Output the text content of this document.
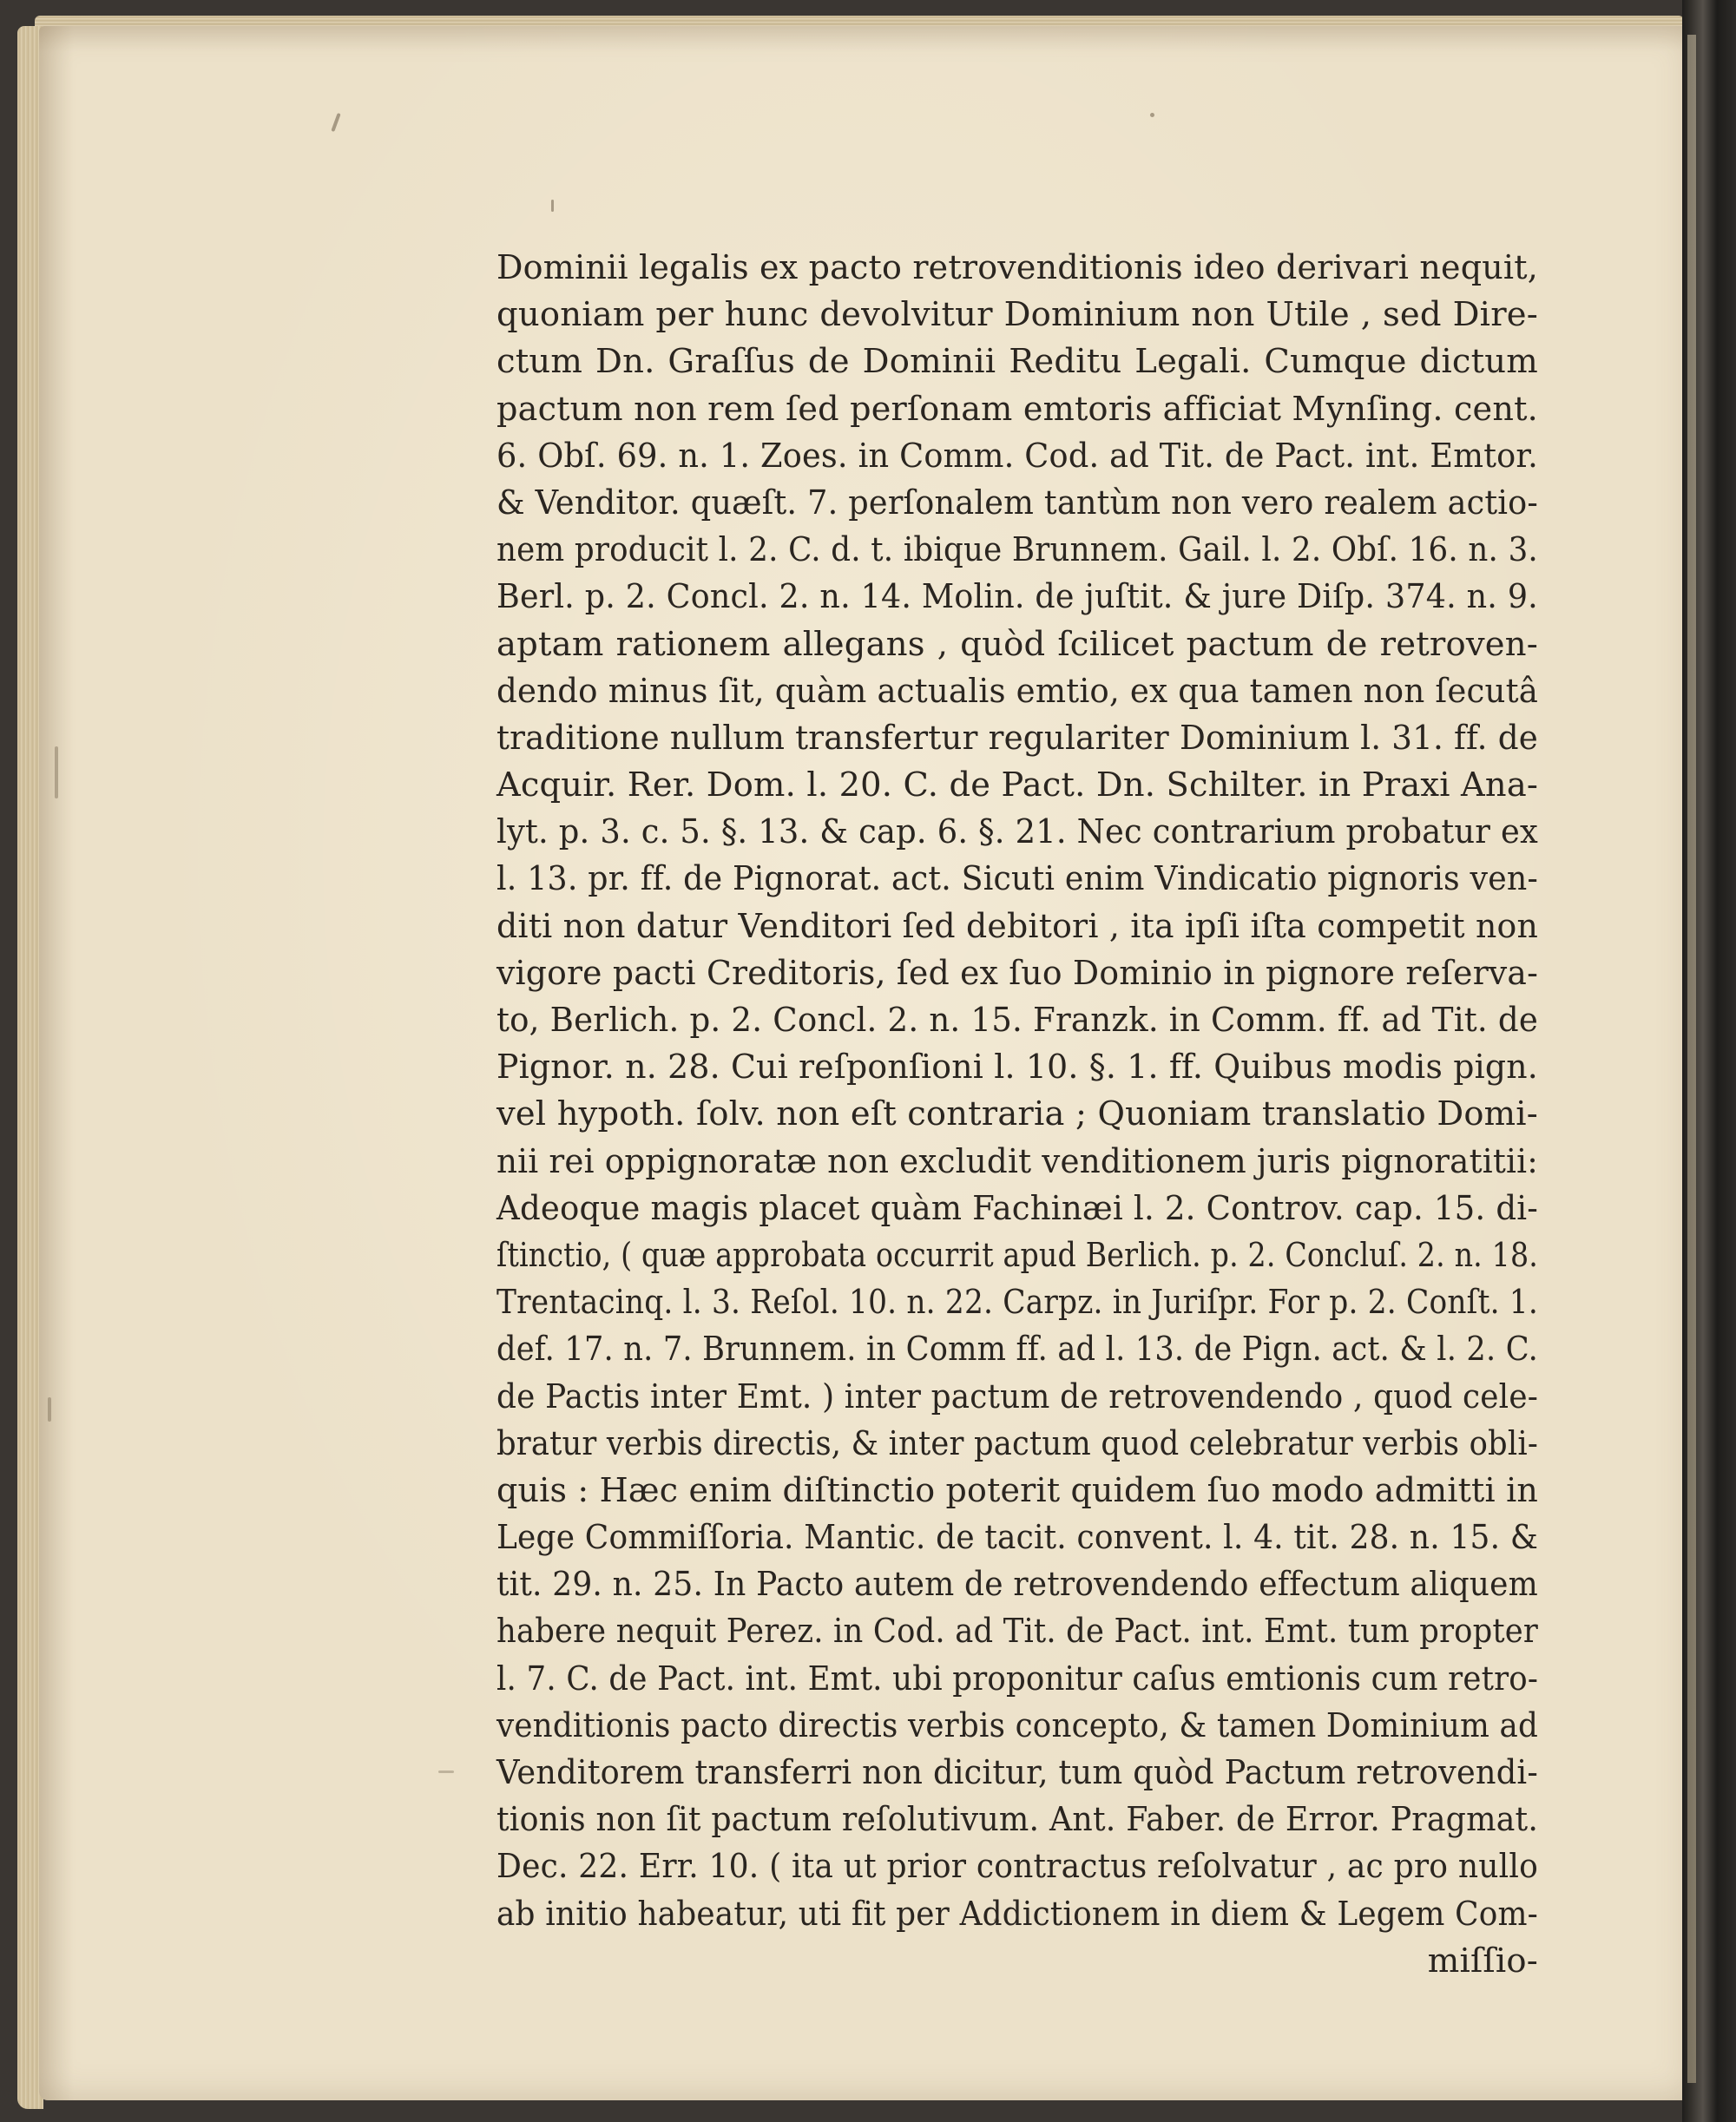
Dominii legalis ex pacto retrovenditionis ideo derivari nequit,
quoniam per hunc devolvitur Dominium non Utile , sed Dire-
ctum Dn. Graſſus de Dominii Reditu Legali. Cumque dictum
pactum non rem ſed perſonam emtoris afficiat Mynſing. cent.
6. Obſ. 69. n. 1. Zoes. in Comm. Cod. ad Tit. de Pact. int. Emtor.
& Venditor. quæſt. 7. perſonalem tantùm non vero realem actio-
nem producit l. 2. C. d. t. ibique Brunnem. Gail. l. 2. Obſ. 16. n. 3.
Berl. p. 2. Concl. 2. n. 14. Molin. de juſtit. & jure Diſp. 374. n. 9.
aptam rationem allegans , quòd ſcilicet pactum de retroven-
dendo minus ſit, quàm actualis emtio, ex qua tamen non ſecutâ
traditione nullum transfertur regulariter Dominium l. 31. ff. de
Acquir. Rer. Dom. l. 20. C. de Pact. Dn. Schilter. in Praxi Ana-
lyt. p. 3. c. 5. §. 13. & cap. 6. §. 21. Nec contrarium probatur ex
l. 13. pr. ff. de Pignorat. act. Sicuti enim Vindicatio pignoris ven-
diti non datur Venditori ſed debitori , ita ipſi iſta competit non
vigore pacti Creditoris, ſed ex ſuo Dominio in pignore reſerva-
to, Berlich. p. 2. Concl. 2. n. 15. Franzk. in Comm. ff. ad Tit. de
Pignor. n. 28. Cui reſponſioni l. 10. §. 1. ff. Quibus modis pign.
vel hypoth. ſolv. non eſt contraria ; Quoniam translatio Domi-
nii rei oppignoratæ non excludit venditionem juris pignoratitii:
Adeoque magis placet quàm Fachinæi l. 2. Controv. cap. 15. di-
ſtinctio, ( quæ approbata occurrit apud Berlich. p. 2. Concluſ. 2. n. 18.
Trentacinq. l. 3. Reſol. 10. n. 22. Carpz. in Juriſpr. For p. 2. Conſt. 1.
def. 17. n. 7. Brunnem. in Comm ff. ad l. 13. de Pign. act. & l. 2. C.
de Pactis inter Emt. ) inter pactum de retrovendendo , quod cele-
bratur verbis directis, & inter pactum quod celebratur verbis obli-
quis : Hæc enim diſtinctio poterit quidem ſuo modo admitti in
Lege Commiſſoria. Mantic. de tacit. convent. l. 4. tit. 28. n. 15. &
tit. 29. n. 25. In Pacto autem de retrovendendo effectum aliquem
habere nequit Perez. in Cod. ad Tit. de Pact. int. Emt. tum propter
l. 7. C. de Pact. int. Emt. ubi proponitur caſus emtionis cum retro-
venditionis pacto directis verbis concepto, & tamen Dominium ad
Venditorem transferri non dicitur, tum quòd Pactum retrovendi-
tionis non ſit pactum reſolutivum. Ant. Faber. de Error. Pragmat.
Dec. 22. Err. 10. ( ita ut prior contractus reſolvatur , ac pro nullo
ab initio habeatur, uti fit per Addictionem in diem & Legem Com-
miſſio-
